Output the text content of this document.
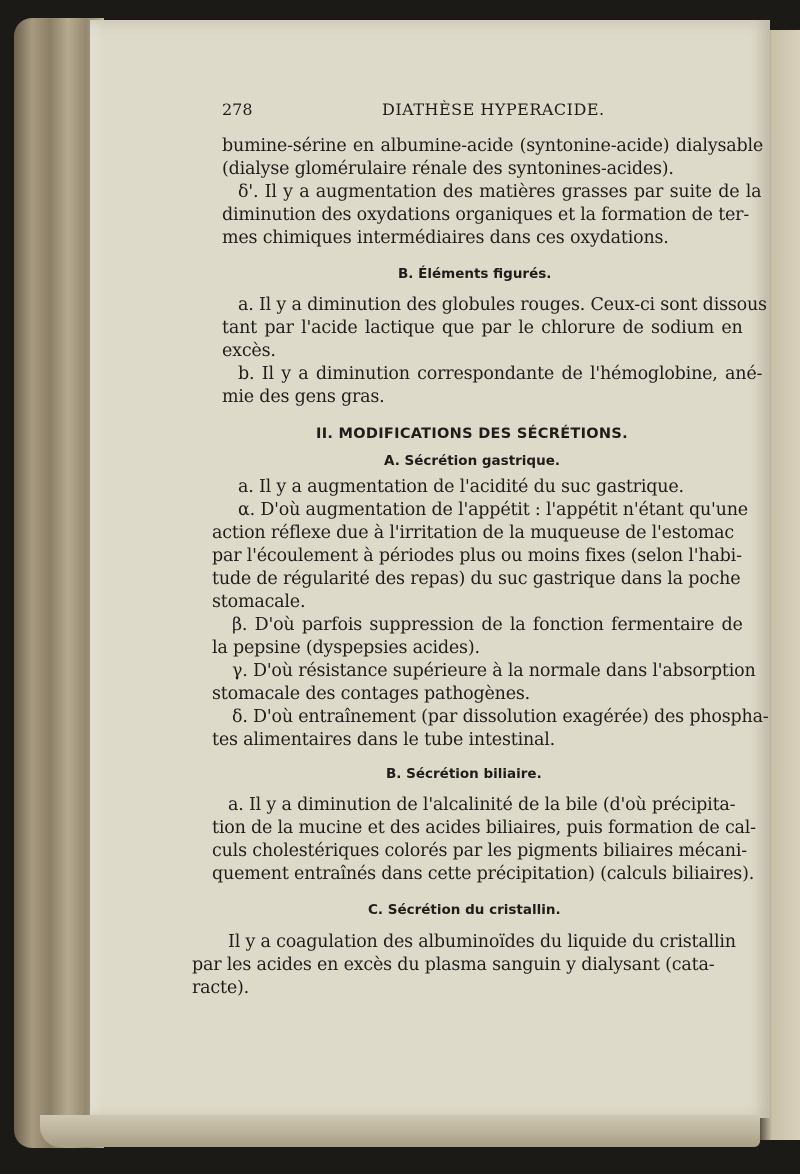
278	DIATHÈSE HYPERACIDE.
bumine-sérine en albumine-acide (syntonine-acide) dialysable
(dialyse glomérulaire rénale des syntonines-acides).
δ'. Il y a augmentation des matières grasses par suite de la
diminution des oxydations organiques et la formation de ter-
mes chimiques intermédiaires dans ces oxydations.
B. Éléments figurés.
a. Il y a diminution des globules rouges. Ceux-ci sont dissous
tant par l'acide lactique que par le chlorure de sodium en
excès.
b. Il y a diminution correspondante de l'hémoglobine, ané-
mie des gens gras.
II. MODIFICATIONS DES SÉCRÉTIONS.
A. Sécrétion gastrique.
a. Il y a augmentation de l'acidité du suc gastrique.
α. D'où augmentation de l'appétit : l'appétit n'étant qu'une
action réflexe due à l'irritation de la muqueuse de l'estomac
par l'écoulement à périodes plus ou moins fixes (selon l'habi-
tude de régularité des repas) du suc gastrique dans la poche
stomacale.
β. D'où parfois suppression de la fonction fermentaire de
la pepsine (dyspepsies acides).
γ. D'où résistance supérieure à la normale dans l'absorption
stomacale des contages pathogènes.
δ. D'où entraînement (par dissolution exagérée) des phospha-
tes alimentaires dans le tube intestinal.
B. Sécrétion biliaire.
a. Il y a diminution de l'alcalinité de la bile (d'où précipita-
tion de la mucine et des acides biliaires, puis formation de cal-
culs cholestériques colorés par les pigments biliaires mécani-
quement entraînés dans cette précipitation) (calculs biliaires).
C. Sécrétion du cristallin.
Il y a coagulation des albuminoïdes du liquide du cristallin
par les acides en excès du plasma sanguin y dialysant (cata-
racte).
